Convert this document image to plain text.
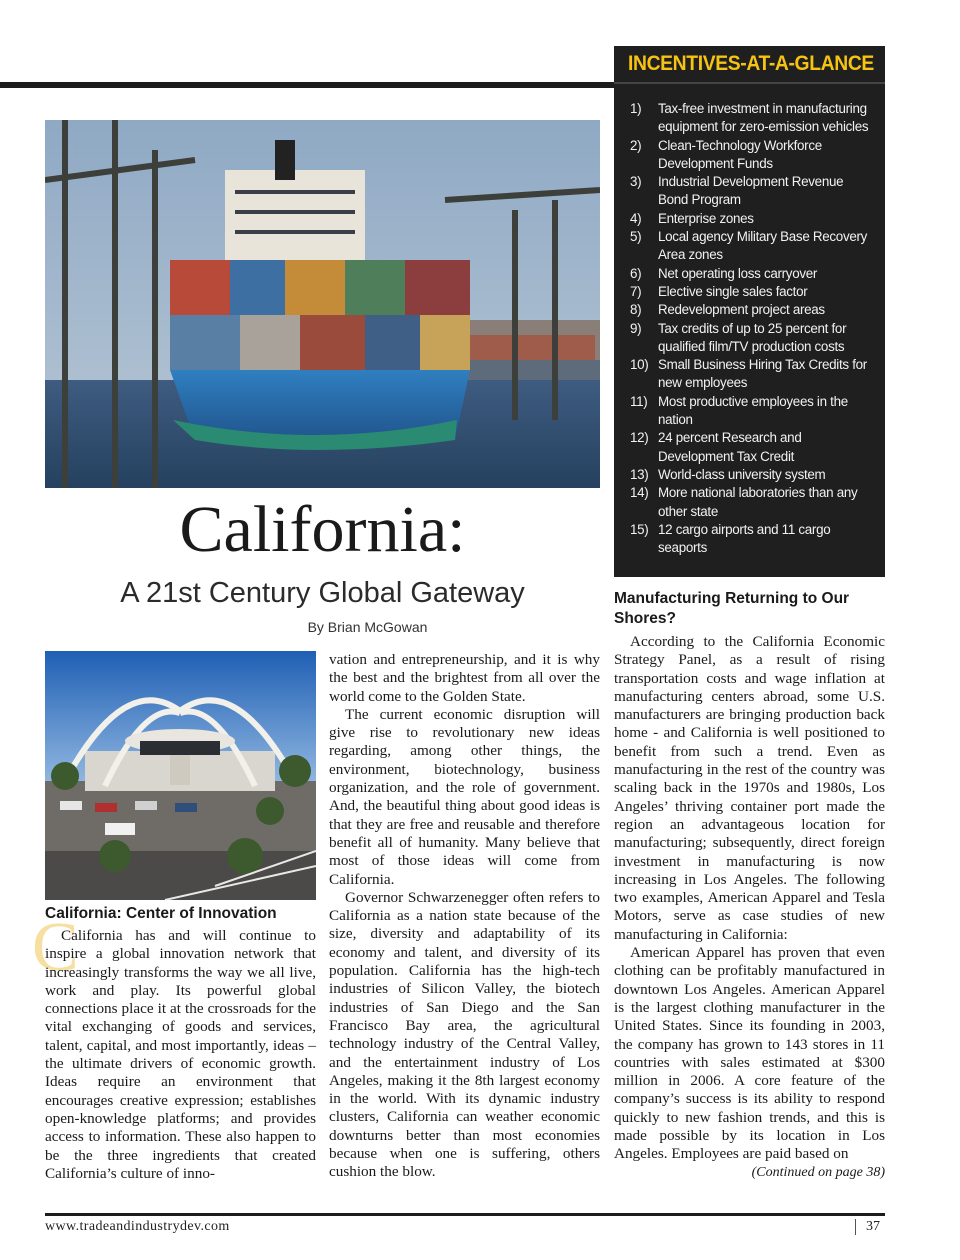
INCENTIVES-AT-A-GLANCE
1)	Tax-free investment in manufacturing equipment for zero-emission vehicles
2)	Clean-Technology Workforce Development Funds
3)	Industrial Development Revenue Bond Program
4)	Enterprise zones
5)	Local agency Military Base Recovery Area zones
6)	Net operating loss carryover
7)	Elective single sales factor
8)	Redevelopment project areas
9)	Tax credits of up to 25 percent for qualified film/TV production costs
10) Small Business Hiring Tax Credits for new employees
11) Most productive employees in the nation
12) 24 percent Research and Development Tax Credit
13) World-class university system
14) More national laboratories than any other state
15) 12 cargo airports and 11 cargo seaports
California:
A 21st Century Global Gateway
By Brian McGowan
C
California: Center of Innovation

California has and will continue to inspire a global innovation network that increasingly transforms the way we all live, work and play. Its powerful global connections place it at the crossroads for the vital exchanging of goods and services, talent, capital, and most importantly, ideas – the ultimate drivers of economic growth. Ideas require an environment that encourages creative expression; establishes open-knowledge platforms; and provides access to information. These also happen to be the three ingredients that created California’s culture of inno-

vation and entrepreneurship, and it is why the best and the brightest from all over the world come to the Golden State.

The current economic disruption will give rise to revolutionary new ideas regarding, among other things, the environment, biotechnology, business organization, and the role of government. And, the beautiful thing about good ideas is that they are free and reusable and therefore benefit all of humanity. Many believe that most of those ideas will come from California.

Governor Schwarzenegger often refers to California as a nation state because of the size, diversity and adaptability of its economy and talent, and diversity of its population. California has the high-tech industries of Silicon Valley, the biotech industries of San Diego and the San Francisco Bay area, the agricultural technology industry of the Central Valley, and the entertainment industry of Los Angeles, making it the 8th largest economy in the world. With its dynamic industry clusters, California can weather economic downturns better than most economies because when one is suffering, others cushion the blow.

Manufacturing Returning to Our Shores?

According to the California Economic Strategy Panel, as a result of rising transportation costs and wage inflation at manufacturing centers abroad, some U.S. manufacturers are bringing production back home - and California is well positioned to benefit from such a trend. Even as manufacturing in the rest of the country was scaling back in the 1970s and 1980s, Los Angeles’ thriving container port made the region an advantageous location for manufacturing; subsequently, direct foreign investment in manufacturing is now increasing in Los Angeles. The following two examples, American Apparel and Tesla Motors, serve as case studies of new manufacturing in California:

American Apparel has proven that even clothing can be profitably manufactured in downtown Los Angeles. American Apparel is the largest clothing manufacturer in the United States. Since its founding in 2003, the company has grown to 143 stores in 11 countries with sales estimated at $300 million in 2006. A core feature of the company’s success is its ability to respond quickly to new fashion trends, and this is made possible by its location in Los Angeles. Employees are paid based on
(Continued on page 38)

www.tradeandindustrydev.com	37
